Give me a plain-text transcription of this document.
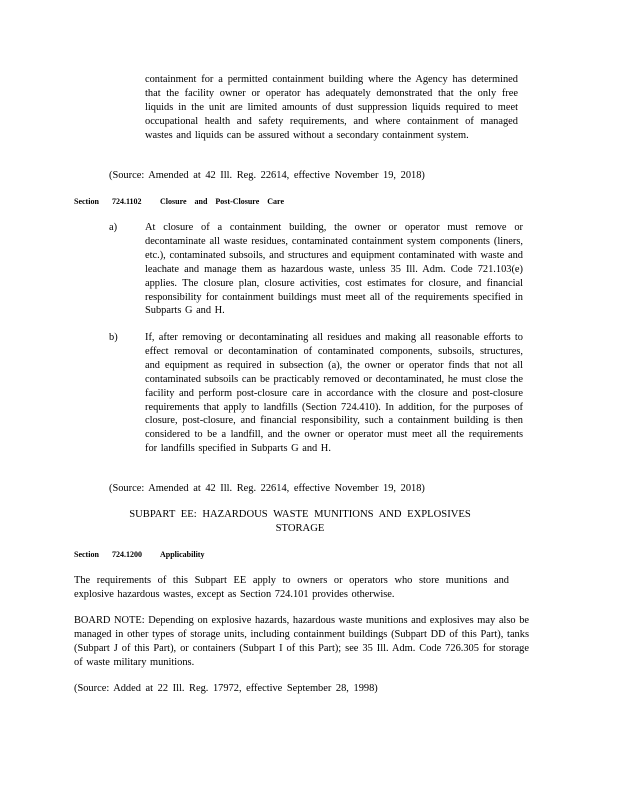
containment for a permitted containment building where the Agency has determined that the facility owner or operator has adequately demonstrated that the only free liquids in the unit are limited amounts of dust suppression liquids required to meet occupational health and safety requirements, and where containment of managed wastes and liquids can be assured without a secondary containment system.
(Source: Amended at 42 Ill. Reg. 22614, effective November 19, 2018)
Section 724.1102 Closure and Post-Closure Care
a)	At closure of a containment building, the owner or operator must remove or decontaminate all waste residues, contaminated containment system components (liners, etc.), contaminated subsoils, and structures and equipment contaminated with waste and leachate and manage them as hazardous waste, unless 35 Ill. Adm. Code 721.103(e) applies. The closure plan, closure activities, cost estimates for closure, and financial responsibility for containment buildings must meet all of the requirements specified in Subparts G and H.
b)	If, after removing or decontaminating all residues and making all reasonable efforts to effect removal or decontamination of contaminated components, subsoils, structures, and equipment as required in subsection (a), the owner or operator finds that not all contaminated subsoils can be practicably removed or decontaminated, he must close the facility and perform post-closure care in accordance with the closure and post-closure requirements that apply to landfills (Section 724.410). In addition, for the purposes of closure, post-closure, and financial responsibility, such a containment building is then considered to be a landfill, and the owner or operator must meet all the requirements for landfills specified in Subparts G and H.
(Source: Amended at 42 Ill. Reg. 22614, effective November 19, 2018)
SUBPART EE: HAZARDOUS WASTE MUNITIONS AND EXPLOSIVES
STORAGE
Section 724.1200 Applicability
The requirements of this Subpart EE apply to owners or operators who store munitions and explosive hazardous wastes, except as Section 724.101 provides otherwise.
BOARD NOTE: Depending on explosive hazards, hazardous waste munitions and explosives may also be managed in other types of storage units, including containment buildings (Subpart DD of this Part), tanks (Subpart J of this Part), or containers (Subpart I of this Part); see 35 Ill. Adm. Code 726.305 for storage of waste military munitions.
(Source: Added at 22 Ill. Reg. 17972, effective September 28, 1998)
